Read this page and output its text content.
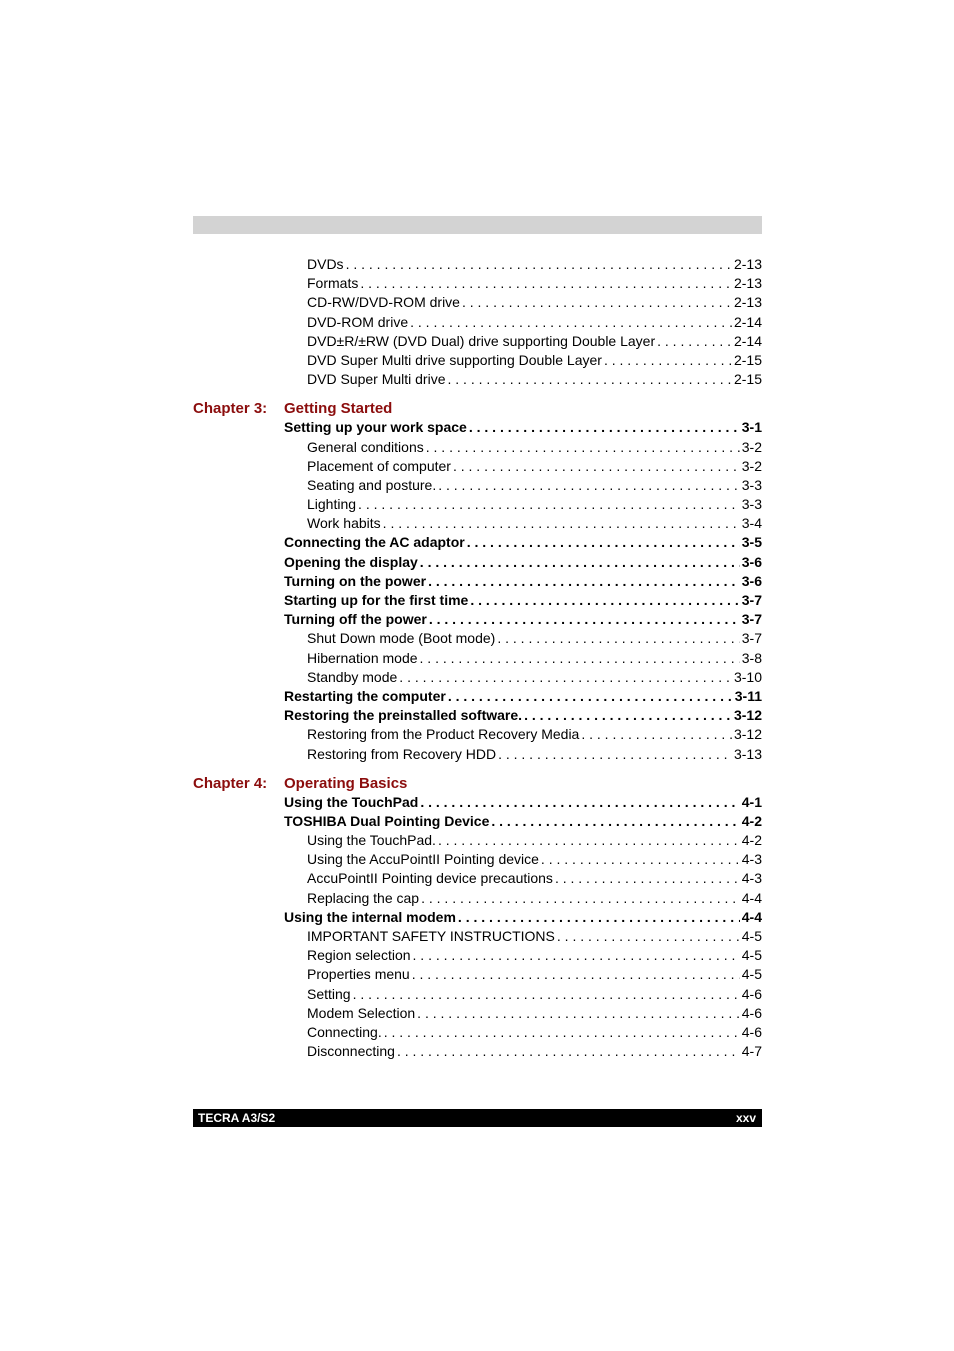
DVDs . . .	2-13
Formats . . .	2-13
CD-RW/DVD-ROM drive . . .	2-13
DVD-ROM drive . . .	2-14
DVD±R/±RW (DVD Dual) drive supporting Double Layer . . .	2-14
DVD Super Multi drive supporting Double Layer . . .	2-15
DVD Super Multi drive . . .	2-15
Chapter 3: Getting Started
Setting up your work space . . .	3-1
General conditions . . .	3-2
Placement of computer . . .	3-2
Seating and posture. . . .	3-3
Lighting . . .	3-3
Work habits . . .	3-4
Connecting the AC adaptor . . .	3-5
Opening the display . . .	3-6
Turning on the power . . .	3-6
Starting up for the first time . . .	3-7
Turning off the power . . .	3-7
Shut Down mode (Boot mode) . . .	3-7
Hibernation mode . . .	3-8
Standby mode . . .	3-10
Restarting the computer . . .	3-11
Restoring the preinstalled software. . . .	3-12
Restoring from the Product Recovery Media . . .	3-12
Restoring from Recovery HDD . . .	3-13
Chapter 4: Operating Basics
Using the TouchPad . . .	4-1
TOSHIBA Dual Pointing Device . . .	4-2
Using the TouchPad. . . .	4-2
Using the AccuPointII Pointing device . . .	4-3
AccuPointII Pointing device precautions . . .	4-3
Replacing the cap . . .	4-4
Using the internal modem . . .	4-4
IMPORTANT SAFETY INSTRUCTIONS . . .	4-5
Region selection . . .	4-5
Properties menu . . .	4-5
Setting . . .	4-6
Modem Selection . . .	4-6
Connecting. . . .	4-6
Disconnecting . . .	4-7
TECRA A3/S2	xxv
